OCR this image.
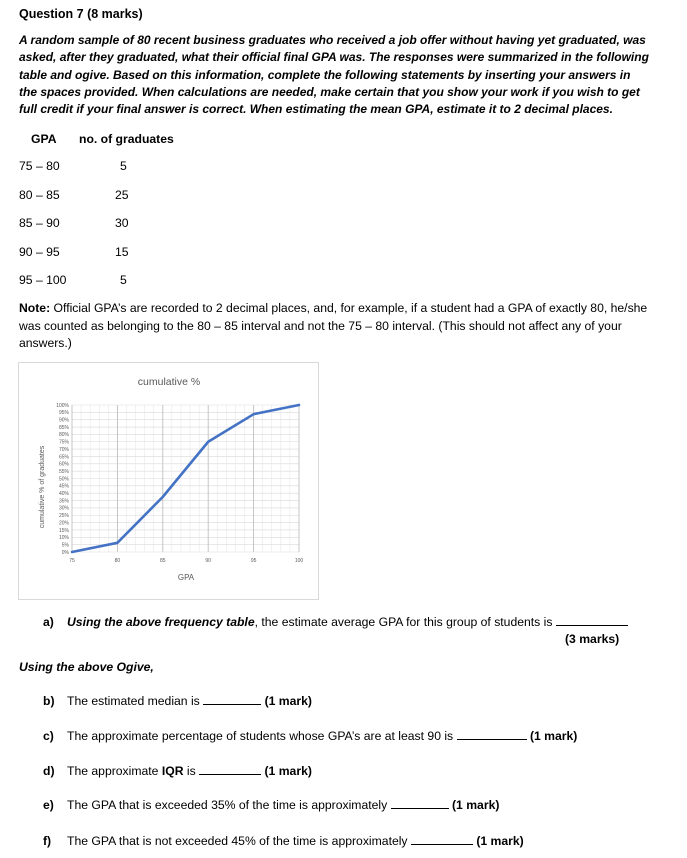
Question 7 (8 marks)
A random sample of 80 recent business graduates who received a job offer without having yet graduated, was asked, after they graduated, what their official final GPA was. The responses were summarized in the following table and ogive. Based on this information, complete the following statements by inserting your answers in the spaces provided. When calculations are needed, make certain that you show your work if you wish to get full credit if your final answer is correct. When estimating the mean GPA, estimate it to 2 decimal places.
GPA no. of graduates
75 – 80	5
80 – 85	25
85 – 90	30
90 – 95	15
95 – 100	5
Note: Official GPA’s are recorded to 2 decimal places, and, for example, if a student had a GPA of exactly 80, he/she was counted as belonging to the 80 – 85 interval and not the 75 – 80 interval. (This should not affect any of your answers.)
cumulative %
cumulative % of graduates
GPA
0%
5%
10%
15%
20%
25%
30%
35%
40%
45%
50%
55%
60%
65%
70%
75%
80%
85%
90%
95%
100%
75	80	85	90	95	100
a) Using the above frequency table, the estimate average GPA for this group of students is
(3 marks)
Using the above Ogive,
b) The estimated median is	(1 mark)
c) The approximate percentage of students whose GPA’s are at least 90 is	(1 mark)
d) The approximate IQR is	(1 mark)
e) The GPA that is exceeded 35% of the time is approximately	(1 mark)
f) The GPA that is not exceeded 45% of the time is approximately	(1 mark)
